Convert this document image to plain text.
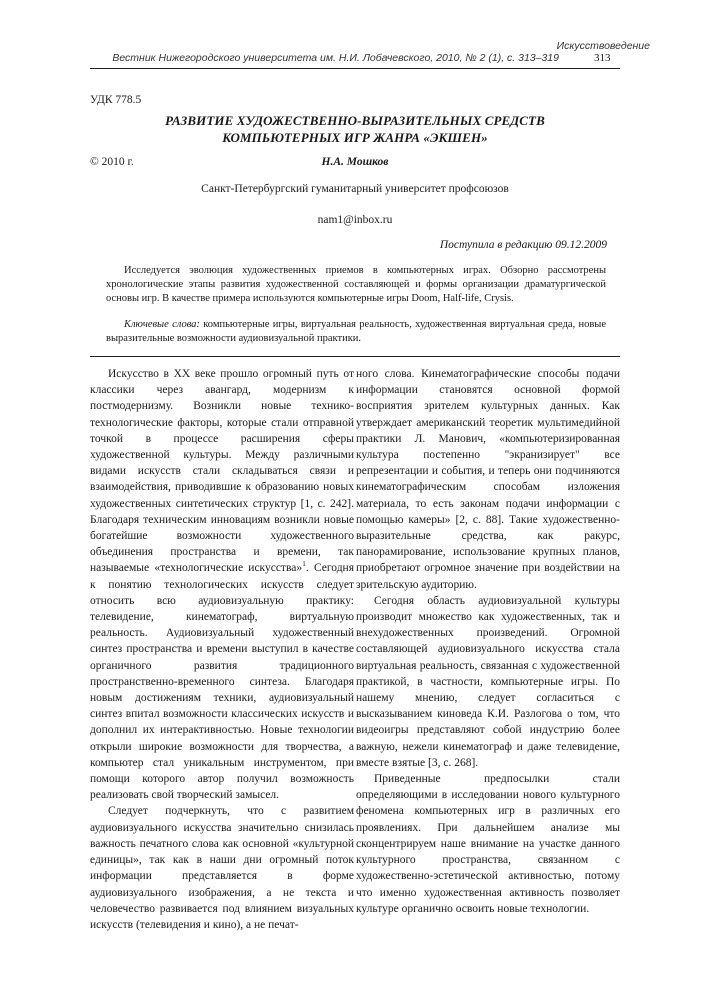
Искусствоведение
Вестник Нижегородского университета им. Н.И. Лобачевского, 2010, № 2 (1), с. 313–319	313
УДК 778.5
РАЗВИТИЕ ХУДОЖЕСТВЕННО-ВЫРАЗИТЕЛЬНЫХ СРЕДСТВ
КОМПЬЮТЕРНЫХ ИГР ЖАНРА «ЭКШЕН»
© 2010 г.	Н.А. Мошков
Санкт-Петербургский гуманитарный университет профсоюзов
nam1@inbox.ru
Поступила в редакцию 09.12.2009
Исследуется эволюция художественных приемов в компьютерных играх. Обзорно рассмотрены хронологические этапы развития художественной составляющей и формы организации драматургической основы игр. В качестве примера используются компьютерные игры Doom, Half-life, Crysis.
Ключевые слова: компьютерные игры, виртуальная реальность, художественная виртуальная среда, новые выразительные возможности аудиовизуальной практики.

Искусство в XX веке прошло огромный путь от классики через авангард, модернизм к постмодернизму. Возникли новые технико-технологические факторы, которые стали отправной точкой в процессе расширения сферы художественной культуры. Между различными видами искусств стали складываться связи и взаимодействия, приводившие к образованию новых художественных синтетических структур [1, с. 242]. Благодаря техническим инновациям возникли новые богатейшие возможности художественного объединения пространства и времени, так называемые «технологические искусства»$^1$. Сегодня к понятию технологических искусств следует относить всю аудиовизуальную практику: телевидение, кинематограф, виртуальную реальность. Аудиовизуальный художественный синтез пространства и времени выступил в качестве органичного развития традиционного пространственно-временного синтеза. Благодаря новым достижениям техники, аудиовизуальный синтез впитал возможности классических искусств и дополнил их интерактивностью. Новые технологии открыли широкие возможности для творчества, а компьютер стал уникальным инструментом, при помощи которого автор получил возможность реализовать свой творческий замысел.

Следует подчеркнуть, что с развитием аудиовизуального искусства значительно снизилась важность печатного слова как основной «культурной единицы», так как в наши дни огромный поток информации представляется в форме аудиовизуального изображения, а не текста и человечество развивается под влиянием визуальных искусств (телевидения и кино), а не печат-

ного слова. Кинематографические способы подачи информации становятся основной формой восприятия зрителем культурных данных. Как утверждает американский теоретик мультимедийной практики Л. Манович, «компьютеризированная культура постепенно "экранизирует" все репрезентации и события, и теперь они подчиняются кинематографическим способам изложения материала, то есть законам подачи информации с помощью камеры» [2, с. 88]. Такие художественно-выразительные средства, как ракурс, панорамирование, использование крупных планов, приобретают огромное значение при воздействии на зрительскую аудиторию.

Сегодня область аудиовизуальной культуры производит множество как художественных, так и внехудожественных произведений. Огромной составляющей аудиовизуального искусства стала виртуальная реальность, связанная с художественной практикой, в частности, компьютерные игры. По нашему мнению, следует согласиться с высказыванием киноведа К.И. Разлогова о том, что видеоигры представляют собой индустрию более важную, нежели кинематограф и даже телевидение, вместе взятые [3, с. 268].

Приведенные предпосылки стали определяющими в исследовании нового культурного феномена компьютерных игр в различных его проявлениях. При дальнейшем анализе мы сконцентрируем наше внимание на участке данного культурного пространства, связанном с художественно-эстетической активностью, потому что именно художественная активность позволяет культуре органично освоить новые технологии.
